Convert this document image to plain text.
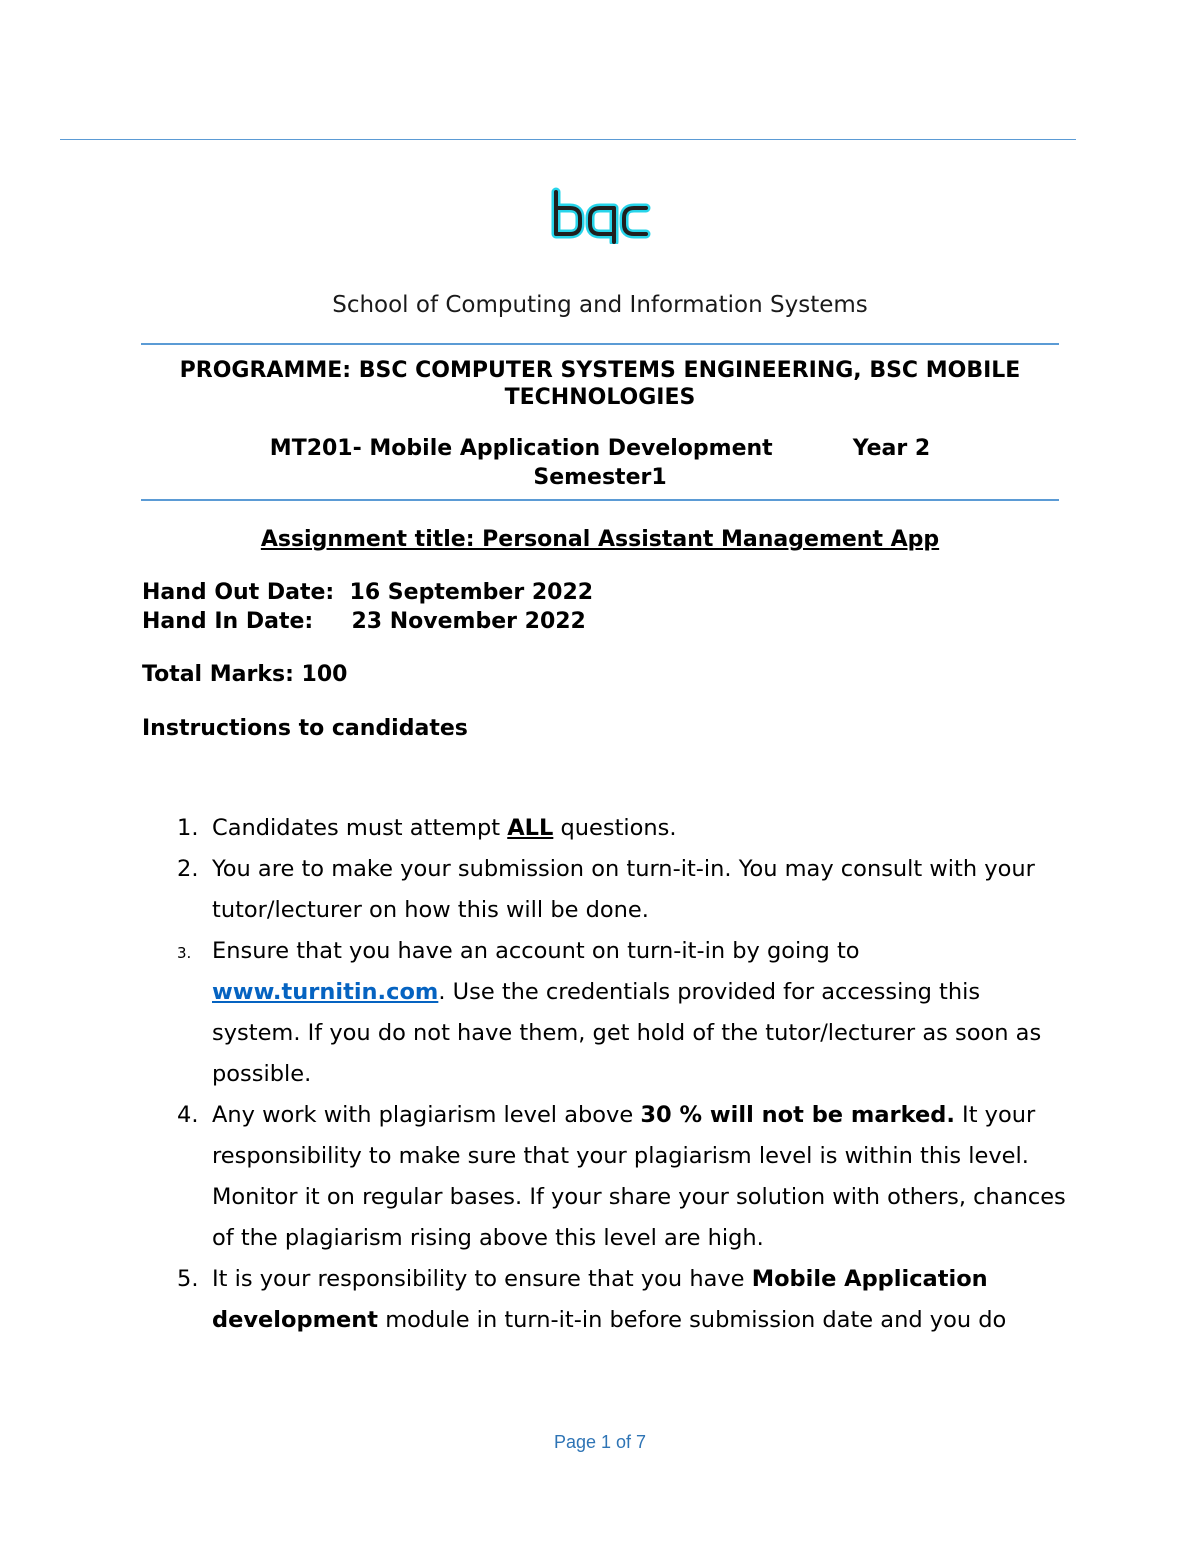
School of Computing and Information Systems
PROGRAMME: BSC COMPUTER SYSTEMS ENGINEERING, BSC MOBILE TECHNOLOGIES
MT201- Mobile Application Development	Year 2
Semester1
Assignment title: Personal Assistant Management App
Hand Out Date:  16 September 2022
Hand In Date:     23 November 2022
Total Marks: 100
Instructions to candidates
1. Candidates must attempt ALL questions.
2. You are to make your submission on turn-it-in. You may consult with your tutor/lecturer on how this will be done.
3. Ensure that you have an account on turn-it-in by going to www.turnitin.com. Use the credentials provided for accessing this system. If you do not have them, get hold of the tutor/lecturer as soon as possible.
4. Any work with plagiarism level above 30 % will not be marked. It your responsibility to make sure that your plagiarism level is within this level. Monitor it on regular bases. If your share your solution with others, chances of the plagiarism rising above this level are high.
5. It is your responsibility to ensure that you have Mobile Application development module in turn-it-in before submission date and you do
Page 1 of 7
